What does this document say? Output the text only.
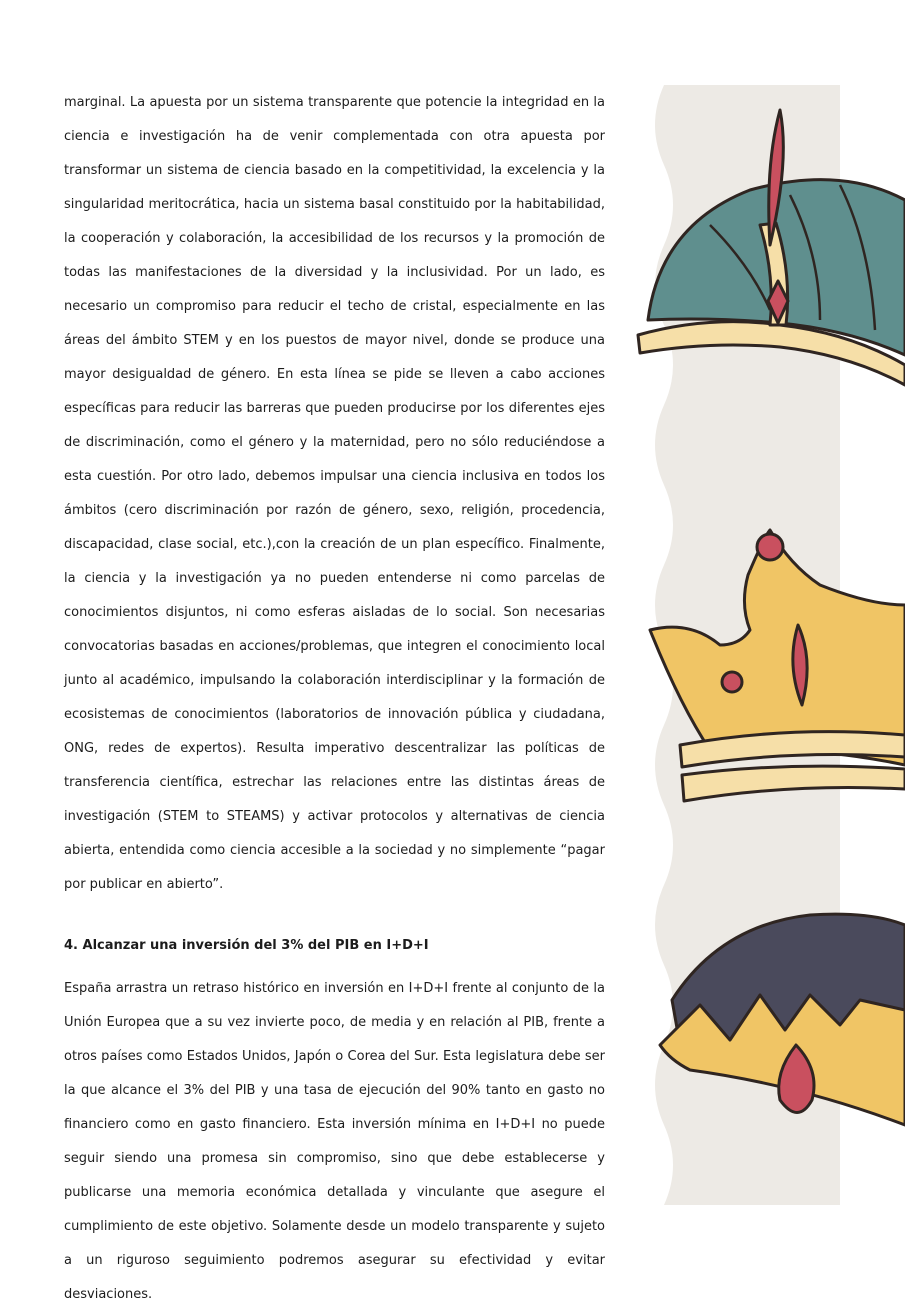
marginal. La apuesta por un sistema transparente que potencie la integridad en la ciencia e investigación ha de venir complementada con otra apuesta por transformar un sistema de ciencia basado en la competitividad, la excelencia y la singularidad meritocrática, hacia un sistema basal constituido por la habitabilidad, la cooperación y colaboración, la accesibilidad de los recursos y la promoción de todas las manifestaciones de la diversidad y la inclusividad. Por un lado, es necesario un compromiso para reducir el techo de cristal, especialmente en las áreas del ámbito STEM y en los puestos de mayor nivel, donde se produce una mayor desigualdad de género. En esta línea se pide se lleven a cabo acciones específicas para reducir las barreras que pueden producirse por los diferentes ejes de discriminación, como el género y la maternidad, pero no sólo reduciéndose a esta cuestión. Por otro lado, debemos impulsar una ciencia inclusiva en todos los ámbitos (cero discriminación por razón de género, sexo, religión, procedencia, discapacidad, clase social, etc.),con la creación de un plan específico. Finalmente, la ciencia y la investigación ya no pueden entenderse ni como parcelas de conocimientos disjuntos, ni como esferas aisladas de lo social. Son necesarias convocatorias basadas en acciones/problemas, que integren el conocimiento local junto al académico, impulsando la colaboración interdisciplinar y la formación de ecosistemas de conocimientos (laboratorios de innovación pública y ciudadana, ONG, redes de expertos). Resulta imperativo descentralizar las políticas de transferencia científica, estrechar las relaciones entre las distintas áreas de investigación (STEM to STEAMS) y activar protocolos y alternativas de ciencia abierta, entendida como ciencia accesible a la sociedad y no simplemente “pagar por publicar en abierto”.

4. Alcanzar una inversión del 3% del PIB en I+D+I

España arrastra un retraso histórico en inversión en I+D+I frente al conjunto de la Unión Europea que a su vez invierte poco, de media y en relación al PIB, frente a otros países como Estados Unidos, Japón o Corea del Sur. Esta legislatura debe ser la que alcance el 3% del PIB y una tasa de ejecución del 90% tanto en gasto no financiero como en gasto financiero. Esta inversión mínima en I+D+I no puede seguir siendo una promesa sin compromiso, sino que debe establecerse y publicarse una memoria económica detallada y vinculante que asegure el cumplimiento de este objetivo. Solamente desde un modelo transparente y sujeto a un riguroso seguimiento podremos asegurar su efectividad y evitar desviaciones.
